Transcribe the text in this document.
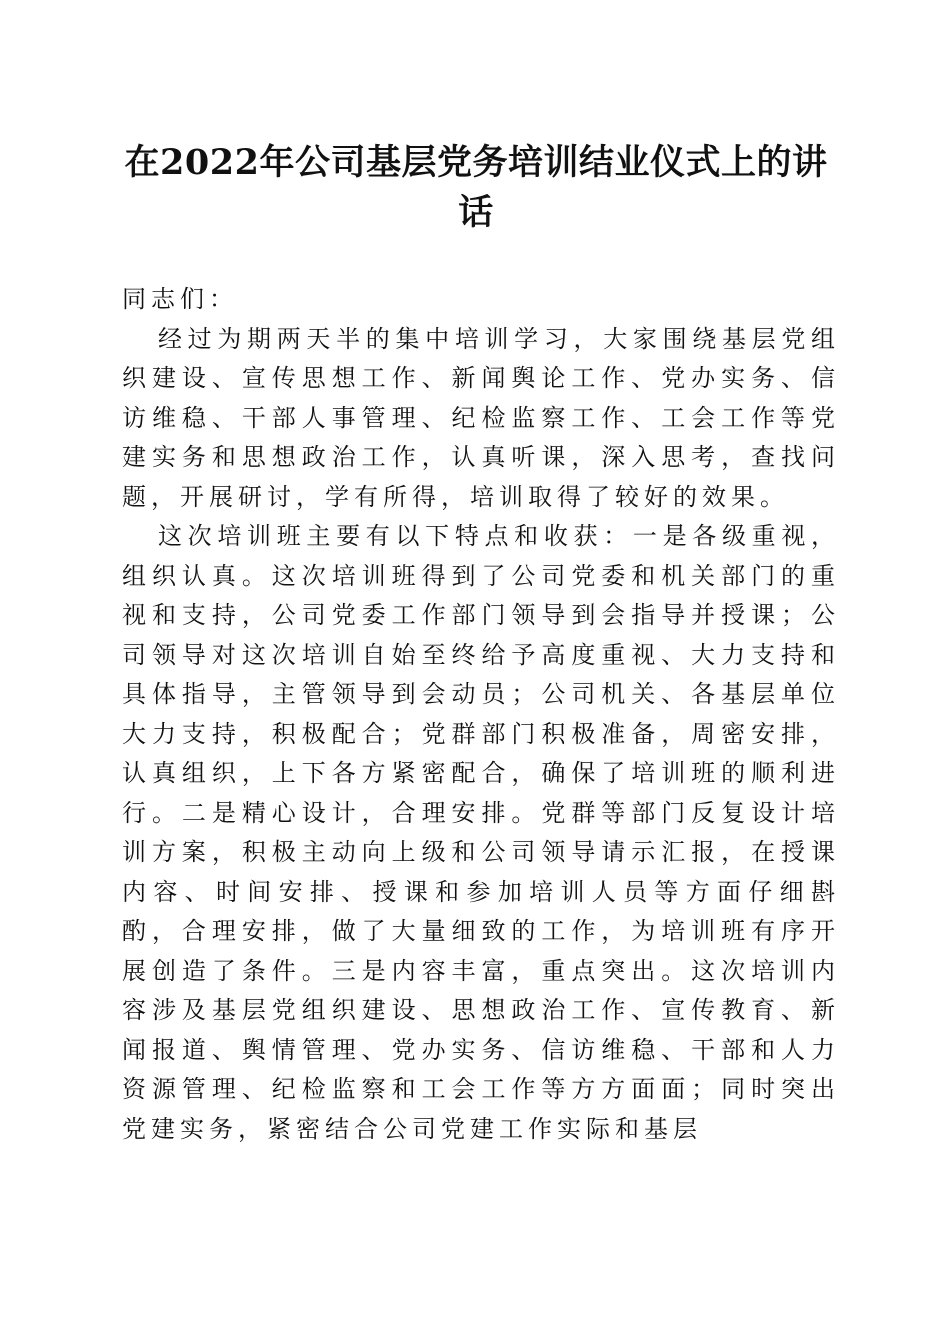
在2022年公司基层党务培训结业仪式上的讲话

同志们：

经过为期两天半的集中培训学习，大家围绕基层党组织建设、宣传思想工作、新闻舆论工作、党办实务、信访维稳、干部人事管理、纪检监察工作、工会工作等党建实务和思想政治工作，认真听课，深入思考，查找问题，开展研讨，学有所得，培训取得了较好的效果。

这次培训班主要有以下特点和收获：一是各级重视，组织认真。这次培训班得到了公司党委和机关部门的重视和支持，公司党委工作部门领导到会指导并授课；公司领导对这次培训自始至终给予高度重视、大力支持和具体指导，主管领导到会动员；公司机关、各基层单位大力支持，积极配合；党群部门积极准备，周密安排，认真组织，上下各方紧密配合，确保了培训班的顺利进行。二是精心设计，合理安排。党群等部门反复设计培训方案，积极主动向上级和公司领导请示汇报，在授课内容、时间安排、授课和参加培训人员等方面仔细斟酌，合理安排，做了大量细致的工作，为培训班有序开展创造了条件。三是内容丰富，重点突出。这次培训内容涉及基层党组织建设、思想政治工作、宣传教育、新闻报道、舆情管理、党办实务、信访维稳、干部和人力资源管理、纪检监察和工会工作等方方面面；同时突出党建实务，紧密结合公司党建工作实际和基层
